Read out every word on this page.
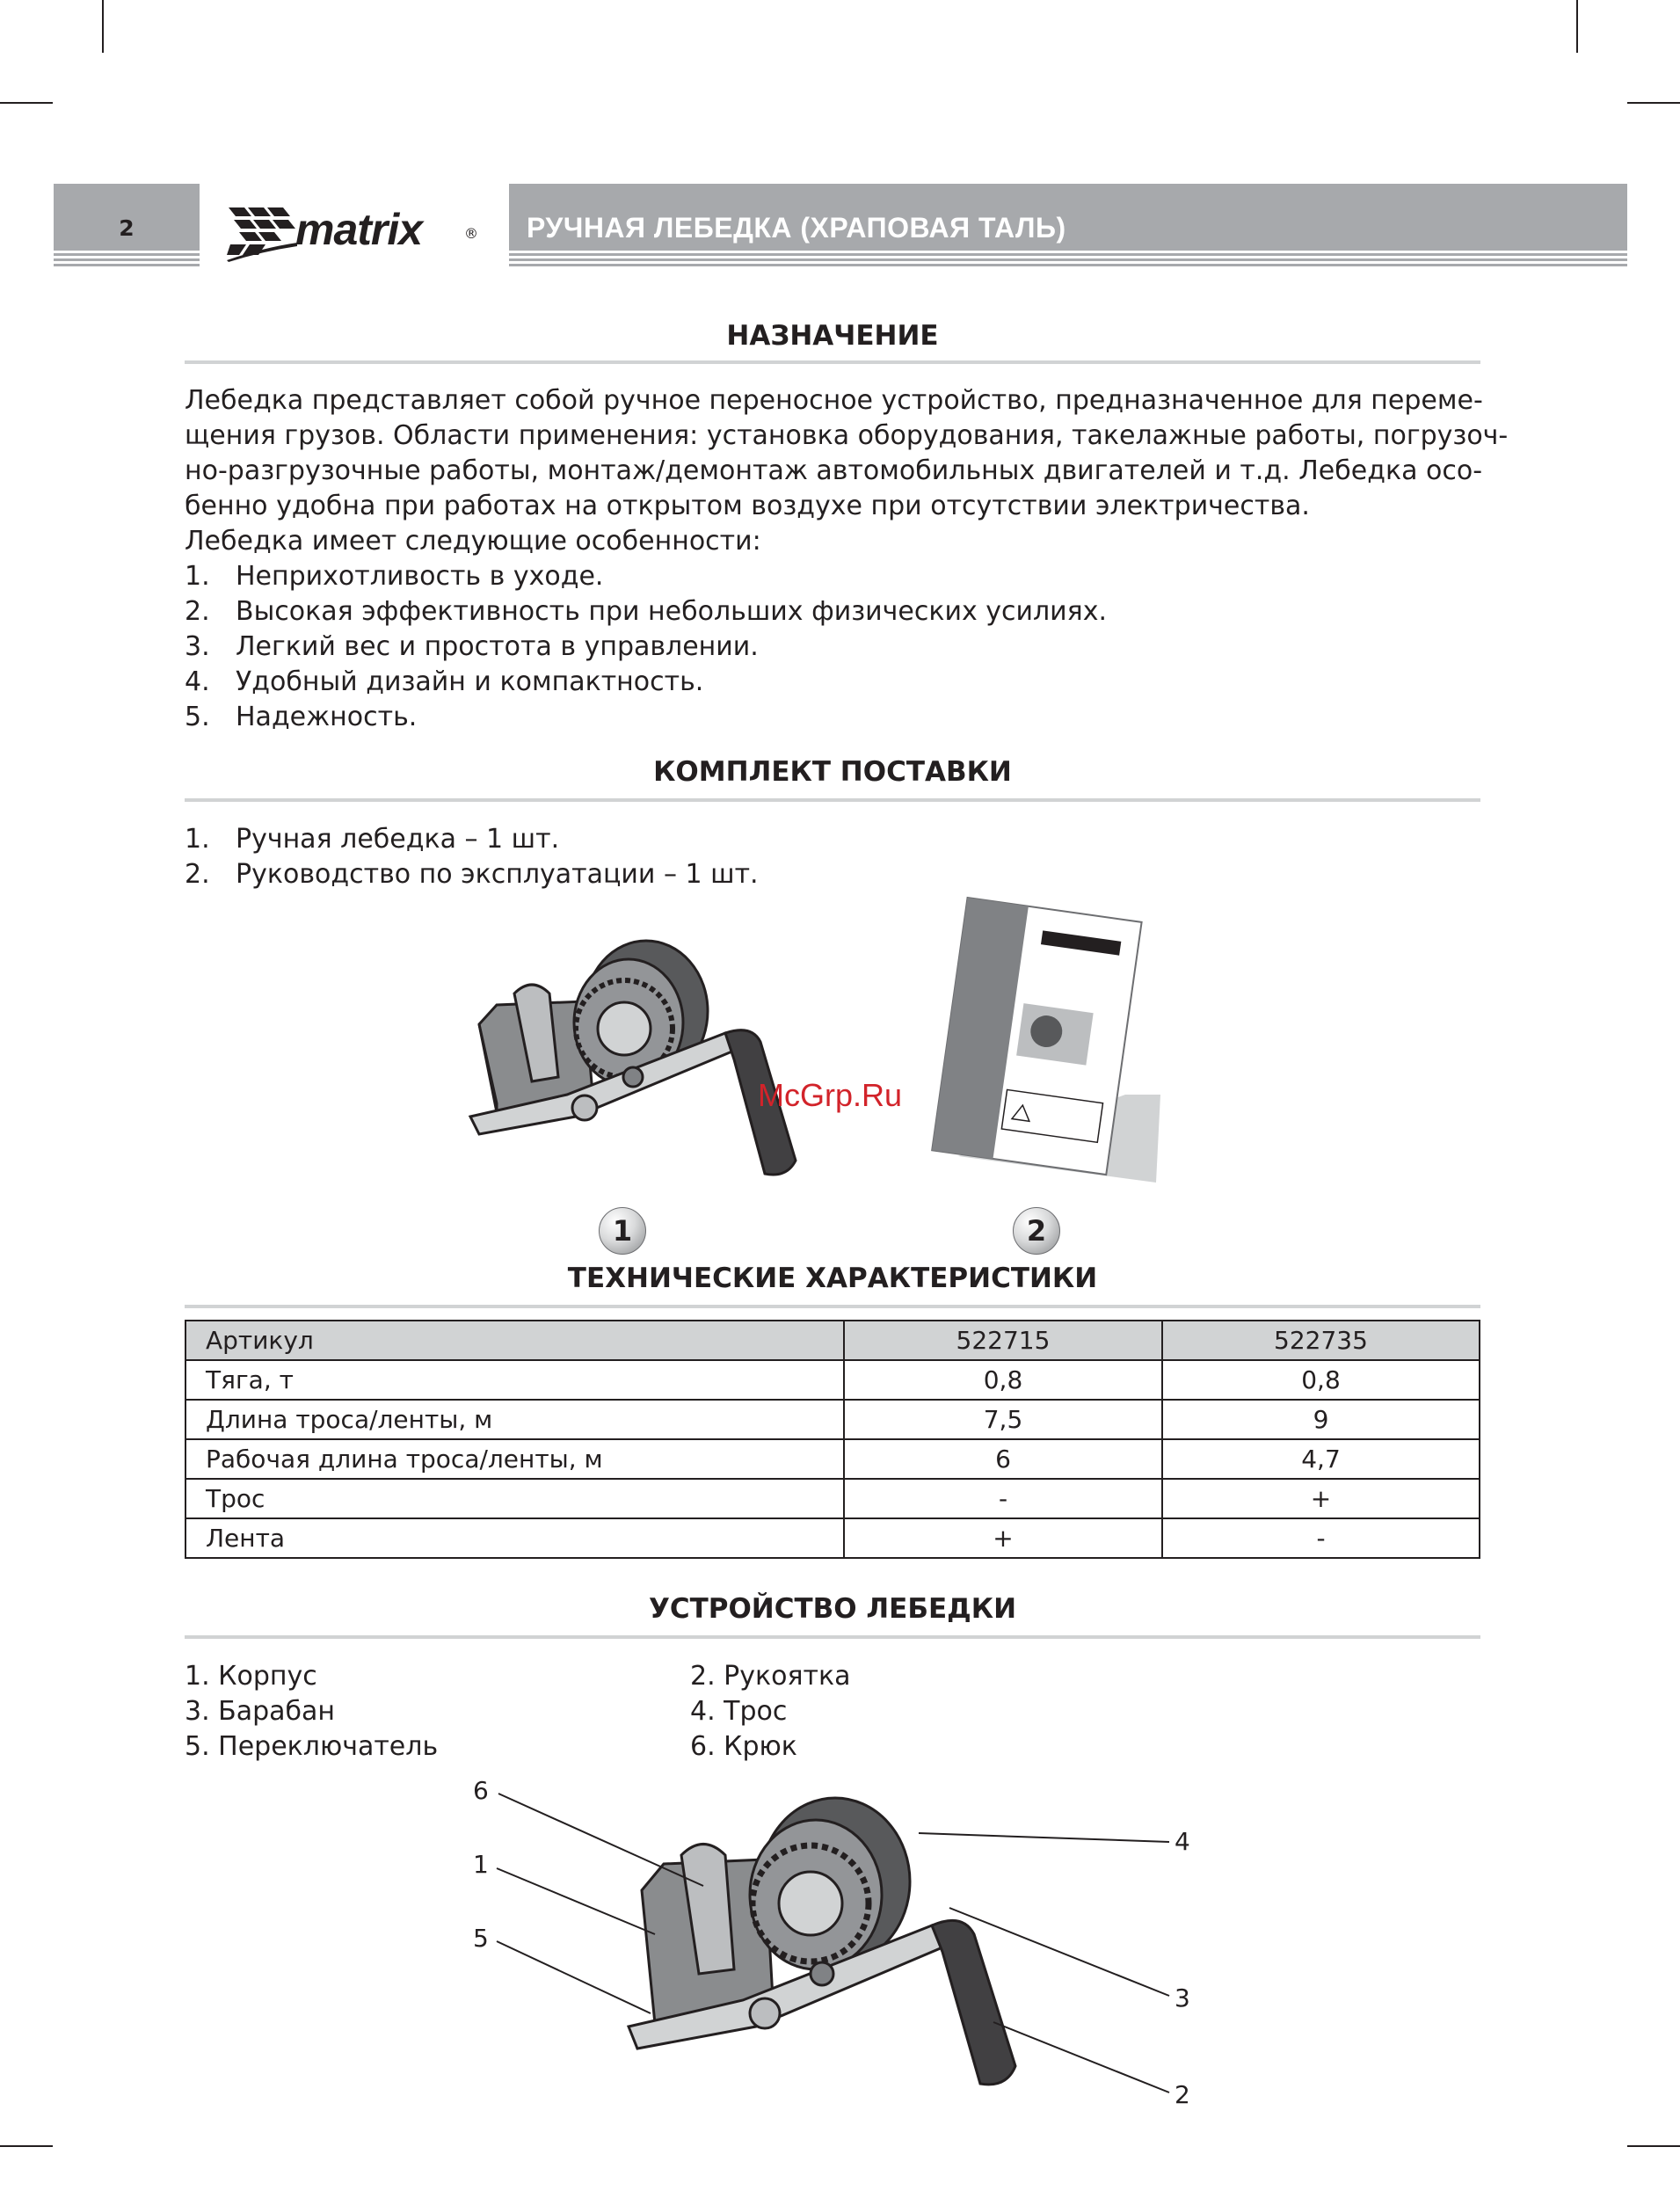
2	matrix	® РУЧНАЯ ЛЕБЕДКА (ХРАПОВАЯ ТАЛЬ)
НАЗНАЧЕНИЕ
Лебедка представляет собой ручное переносное устройство, предназначенное для переме-
щения грузов. Области применения: установка оборудования, такелажные работы, погрузоч-
но-разгрузочные работы, монтаж/демонтаж автомобильных двигателей и т.д. Лебедка осо-
бенно удобна при работах на открытом воздухе при отсутствии электричества.
Лебедка имеет следующие особенности:
1. Неприхотливость в уходе.
2. Высокая эффективность при небольших физических усилиях.
3. Легкий вес и простота в управлении.
4. Удобный дизайн и компактность.
5. Надежность.
КОМПЛЕКТ ПОСТАВКИ
1. Ручная лебедка – 1 шт.
2. Руководство по эксплуатации – 1 шт.
McGrp.Ru
1	2
ТЕХНИЧЕСКИЕ ХАРАКТЕРИСТИКИ
Артикул	522715	522735
Тяга, т	0,8	0,8
Длина троса/ленты, м	7,5	9
Рабочая длина троса/ленты, м	6	4,7
Трос	-	+
Лента	+	-
УСТРОЙСТВО ЛЕБЕДКИ
1. Корпус	2. Рукоятка
3. Барабан	4. Трос
5. Переключатель	6. Крюк
6
1
5
4
3
2
